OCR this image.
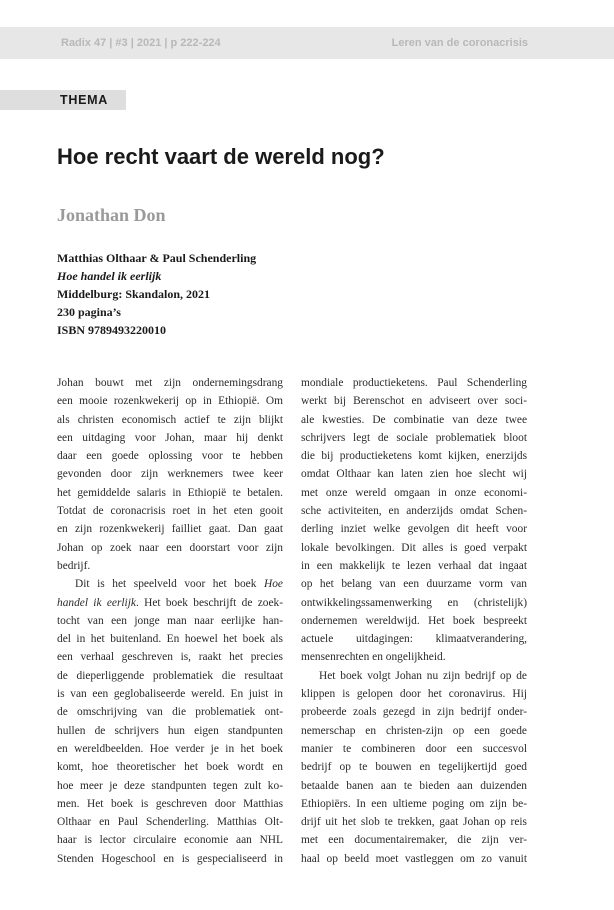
Radix 47 | #3 | 2021 | p 222-224	Leren van de coronacrisis
THEMA
Hoe recht vaart de wereld nog?
Jonathan Don
Matthias Olthaar & Paul Schenderling
Hoe handel ik eerlijk
Middelburg: Skandalon, 2021
230 pagina’s
ISBN 9789493220010
Johan bouwt met zijn ondernemingsdrang
een mooie rozenkwekerij op in Ethiopië. Om
als christen economisch actief te zijn blijkt
een uitdaging voor Johan, maar hij denkt
daar een goede oplossing voor te hebben
gevonden door zijn werknemers twee keer
het gemiddelde salaris in Ethiopië te betalen.
Totdat de coronacrisis roet in het eten gooit
en zijn rozenkwekerij failliet gaat. Dan gaat
Johan op zoek naar een doorstart voor zijn
bedrijf.
Dit is het speelveld voor het boek Hoe
handel ik eerlijk. Het boek beschrijft de zoek-
tocht van een jonge man naar eerlijke han-
del in het buitenland. En hoewel het boek als
een verhaal geschreven is, raakt het precies
de dieperliggende problematiek die resultaat
is van een geglobaliseerde wereld. En juist in
de omschrijving van die problematiek ont-
hullen de schrijvers hun eigen standpunten
en wereldbeelden. Hoe verder je in het boek
komt, hoe theoretischer het boek wordt en
hoe meer je deze standpunten tegen zult ko-
men. Het boek is geschreven door Matthias
Olthaar en Paul Schenderling. Matthias Olt-
haar is lector circulaire economie aan NHL
Stenden Hogeschool en is gespecialiseerd in
mondiale productieketens. Paul Schenderling
werkt bij Berenschot en adviseert over soci-
ale kwesties. De combinatie van deze twee
schrijvers legt de sociale problematiek bloot
die bij productieketens komt kijken, enerzijds
omdat Olthaar kan laten zien hoe slecht wij
met onze wereld omgaan in onze economi-
sche activiteiten, en anderzijds omdat Schen-
derling inziet welke gevolgen dit heeft voor
lokale bevolkingen. Dit alles is goed verpakt
in een makkelijk te lezen verhaal dat ingaat
op het belang van een duurzame vorm van
ontwikkelingssamenwerking en (christelijk)
ondernemen wereldwijd. Het boek bespreekt
actuele uitdagingen: klimaatverandering,
mensenrechten en ongelijkheid.
Het boek volgt Johan nu zijn bedrijf op de
klippen is gelopen door het coronavirus. Hij
probeerde zoals gezegd in zijn bedrijf onder-
nemerschap en christen-zijn op een goede
manier te combineren door een succesvol
bedrijf op te bouwen en tegelijkertijd goed
betaalde banen aan te bieden aan duizenden
Ethiopiërs. In een ultieme poging om zijn be-
drijf uit het slob te trekken, gaat Johan op reis
met een documentairemaker, die zijn ver-
haal op beeld moet vastleggen om zo vanuit
